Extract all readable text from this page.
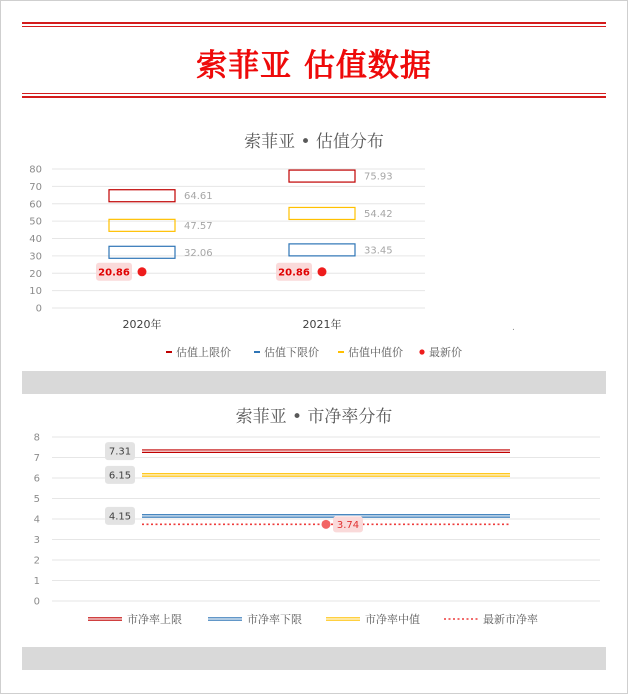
索菲亚 估值数据
索菲亚 • 估值分布
0
10
20
30
40
50
60
70
80
2020年	2021年
64.61
75.93
32.06	33.45
47.57
54.42
20.86	20.86
估值上限价	估值下限价	估值中值价 最新价
.
索菲亚 • 市净率分布
0
1
2
3
4
5
6
7
8
7.31
4.15
6.15
3.74
市净率上限	市净率下限	市净率中值	最新市净率
